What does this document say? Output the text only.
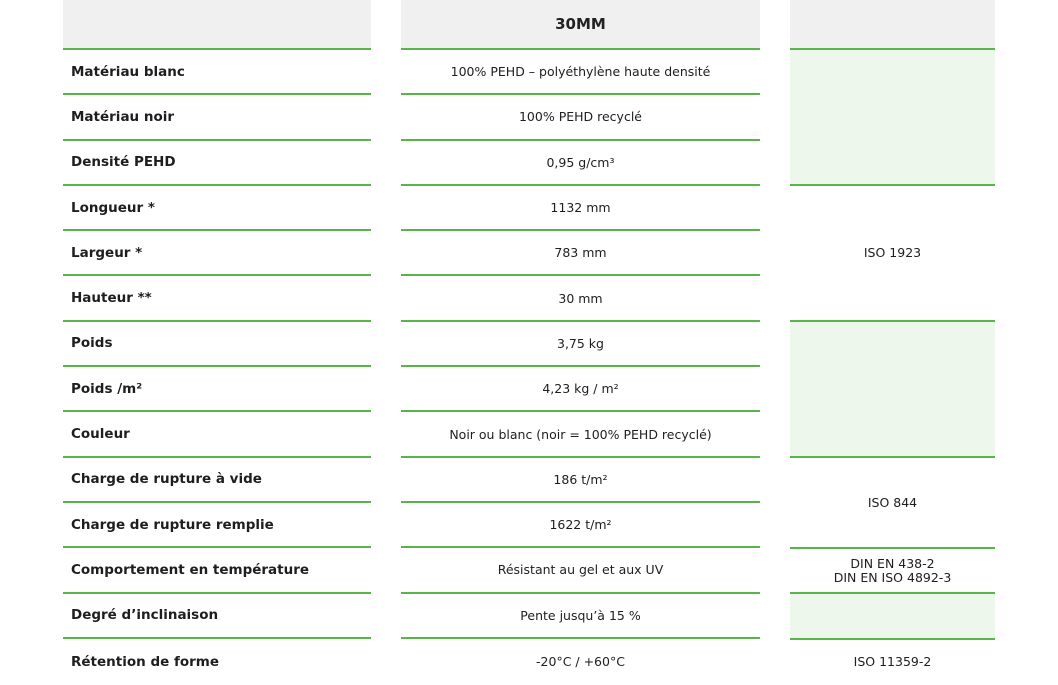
Matériau blanc
Matériau noir
Densité PEHD
Longueur *
Largeur *
Hauteur **
Poids
Poids /m²
Couleur
Charge de rupture à vide
Charge de rupture remplie
Comportement en température
Degré d’inclinaison
Rétention de forme
30MM
100% PEHD – polyéthylène haute densité
100% PEHD recyclé
0,95 g/cm³
1132 mm
783 mm
30 mm
3,75 kg
4,23 kg / m²
Noir ou blanc (noir = 100% PEHD recyclé)
186 t/m²
1622 t/m²
Résistant au gel et aux UV
Pente jusqu’à 15 %
-20°C / +60°C
ISO 1923
ISO 844
DIN EN 438-2
DIN EN ISO 4892-3
ISO 11359-2
